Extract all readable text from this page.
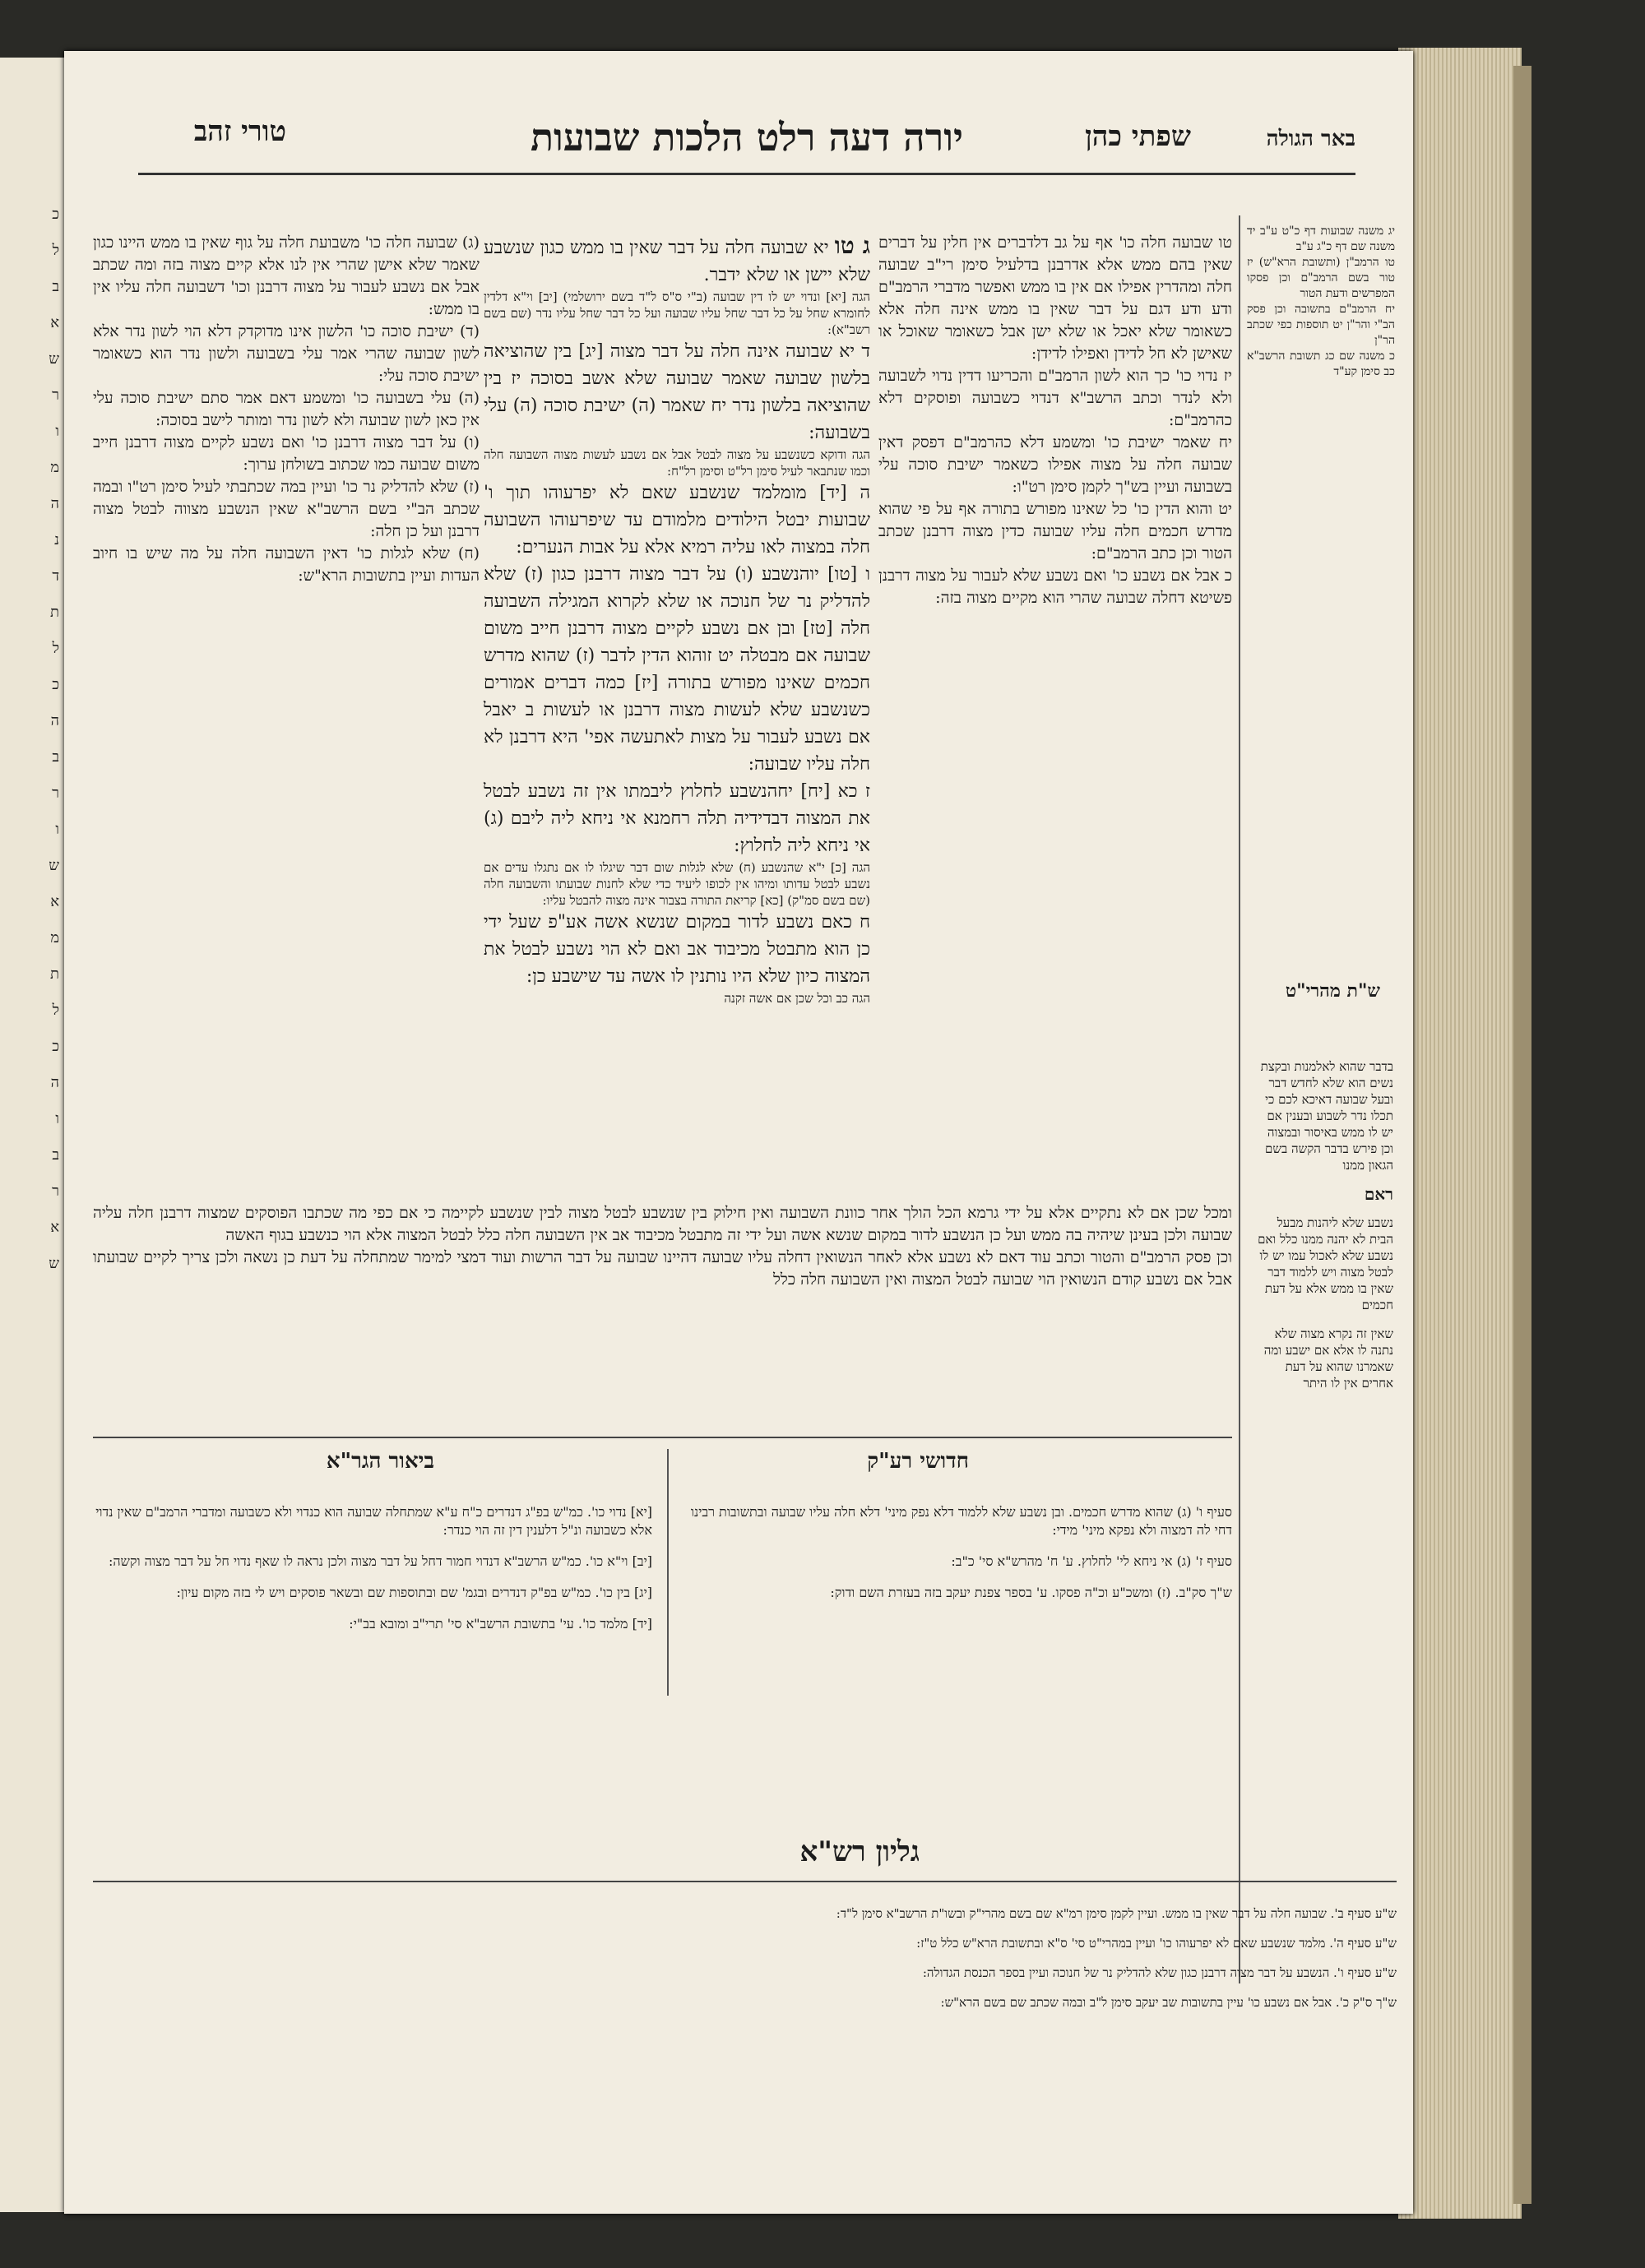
כ
ל
ב
א
ש
ר
ו
מ
ה
נ
ד
ת
ל
כ
ה
ב
ר
ו
ש
א
מ
ת
ל
כ
ה
ו
ב
ר
א
ש
באר הגולה
שפתי כהן
יורה דעה רלט הלכות שבועות
טורי זהב

יג משנה שבועות דף כ"ט ע"ב יד משנה שם דף כ"ג ע"ב

טו הרמב"ן (ותשובת הרא"ש) יז טור בשם הרמב"ם וכן פסקו המפרשים ודעת הטור

יח הרמב"ם בתשובה וכן פסק הב"י והר"ן יט תוספות כפי שכתב הר"ן

כ משנה שם כג תשובת הרשב"א כב סימן קע"ד

ש"ת מהרי"ט

בדבר שהוא לאלמנות ובקצת נשים הוא שלא לחדש דבר ובעל שבועה דאיכא לכם כי תכלו נדר לשבוע ובענין אם יש לו ממש באיסור ובמצוה וכן פירש בדבר הקשה בשם הגאון ממנו

ראם

נשבע שלא ליהנות מבעל הבית לא יהנה ממנו כלל ואם נשבע שלא לאכול עמו יש לו לבטל מצוה ויש ללמוד דבר שאין בו ממש אלא על דעת חכמים

שאין זה נקרא מצוה שלא נתנה לו אלא אם ישבע ומה שאמרנו שהוא על דעת אחרים אין לו היתר

טו שבועה חלה כו' אף על גב דלדברים אין חלין על דברים שאין בהם ממש אלא אדרבנן בדלעיל סימן רי"ב שבועה חלה ומהדרין אפילו אם אין בו ממש ואפשר מדברי הרמב"ם ודע ודע דגם על דבר שאין בו ממש אינה חלה אלא כשאומר שלא יאכל או שלא ישן אבל כשאומר שאוכל או שאישן לא חל לדידן ואפילו לדידן:

יז נדוי כו' כך הוא לשון הרמב"ם והכריעו דדין נדוי לשבועה ולא לנדר וכתב הרשב"א דנדוי כשבועה ופוסקים דלא כהרמב"ם:

יח שאמר ישיבת כו' ומשמע דלא כהרמב"ם דפסק דאין שבועה חלה על מצוה אפילו כשאמר ישיבת סוכה עלי בשבועה ועיין בש"ך לקמן סימן רט"ו:

יט והוא הדין כו' כל שאינו מפורש בתורה אף על פי שהוא מדרש חכמים חלה עליו שבועה כדין מצוה דרבנן שכתב הטור וכן כתב הרמב"ם:

כ אבל אם נשבע כו' ואם נשבע שלא לעבור על מצוה דרבנן פשיטא דחלה שבועה שהרי הוא מקיים מצוה בזה:

ג טו יא שבועה חלה על דבר שאין בו ממש כגון שנשבע שלא יישן או שלא ידבר.

הגה [יא] ונדוי יש לו דין שבועה (ב"י ס"ס ל"ד בשם ירושלמי) [יב] וי"א דלדין לחומרא שחל על כל דבר שחל עליו שבועה ועל כל דבר שחל עליו נדר (שם בשם רשב"א):

ד יא שבועה אינה חלה על דבר מצוה [יג] בין שהוציאה בלשון שבועה שאמר שבועה שלא אשב בסוכה יז בין שהוציאה בלשון נדר יח שאמר (ה) ישיבת סוכה (ה) עלי בשבועה:

הגה ודוקא כשנשבע על מצוה לבטל אבל אם נשבע לעשות מצוה השבועה חלה וכמו שנתבאר לעיל סימן רל"ט וסימן רל"ח:

ה [יד] מומלמד שנשבע שאם לא יפרעוהו תוך ו' שבועות יבטל הילודים מלמודם עד שיפרעוהו השבועה חלה במצוה לאו עליה רמיא אלא על אבות הנערים:

ו [טו] יוהנשבע (ו) על דבר מצוה דרבנן כגון (ז) שלא להדליק נר של חנוכה או שלא לקרוא המגילה השבועה חלה [טז] ובן אם נשבע לקיים מצוה דרבנן חייב משום שבועה אם מבטלה יט זוהוא הדין לדבר (ז) שהוא מדרש חכמים שאינו מפורש בתורה [יז] כמה דברים אמורים כשנשבע שלא לעשות מצוה דרבנן או לעשות ב יאבל אם נשבע לעבור על מצות לאתעשה אפי' היא דרבנן לא חלה עליו שבועה:

ז כא [יח] יחהנשבע לחלוץ ליבמתו אין זה נשבע לבטל את המצוה דבדידיה תלה רחמנא אי ניחא ליה ליבם (ג) אי ניחא ליה לחלוץ:

הגה [כ] י"א שהנשבע (ח) שלא לגלות שום דבר שיגלו לו אם נתגלו עדים אם נשבע לבטל עדותו ומיהו אין לכופו ליעיד כדי שלא לחנות שבועתו והשבועה חלה (שם בשם סמ"ק) [כא] קריאת התורה בצבור אינה מצוה להבטל עליו:

ח כאם נשבע לדור במקום שנשא אשה אע"פ שעל ידי כן הוא מתבטל מכיבוד אב ואם לא הוי נשבע לבטל את המצוה כיון שלא היו נותנין לו אשה עד שישבע כן:

הגה כב וכל שכן אם אשה זקנה

(ג) שבועה חלה כו' משבועת חלה על גוף שאין בו ממש היינו כגון שאמר שלא אישן שהרי אין לנו אלא קיים מצוה בזה ומה שכתב אבל אם נשבע לעבור על מצוה דרבנן וכו' דשבועה חלה עליו אין בו ממש:

(ד) ישיבת סוכה כו' הלשון אינו מדוקדק דלא הוי לשון נדר אלא לשון שבועה שהרי אמר עלי בשבועה ולשון נדר הוא כשאומר ישיבת סוכה עלי:

(ה) עלי בשבועה כו' ומשמע דאם אמר סתם ישיבת סוכה עלי אין כאן לשון שבועה ולא לשון נדר ומותר לישב בסוכה:

(ו) על דבר מצוה דרבנן כו' ואם נשבע לקיים מצוה דרבנן חייב משום שבועה כמו שכתוב בשולחן ערוך:

(ז) שלא להדליק נר כו' ועיין במה שכתבתי לעיל סימן רט"ו ובמה שכתב הב"י בשם הרשב"א שאין הנשבע מצווה לבטל מצוה דרבנן ועל כן חלה:

(ח) שלא לגלות כו' דאין השבועה חלה על מה שיש בו חיוב העדות ועיין בתשובות הרא"ש:

ומכל שכן אם לא נתקיים אלא על ידי גרמא הכל הולך אחר כוונת השבועה ואין חילוק בין שנשבע לבטל מצוה לבין שנשבע לקיימה כי אם כפי מה שכתבו הפוסקים שמצוה דרבנן חלה עליה שבועה ולכן בעינן שיהיה בה ממש ועל כן הנשבע לדור במקום שנשא אשה ועל ידי זה מתבטל מכיבוד אב אין השבועה חלה כלל לבטל המצוה אלא הוי כנשבע בגוף האשה

וכן פסק הרמב"ם והטור וכתב עוד דאם לא נשבע אלא לאחר הנשואין דחלה עליו שבועה דהיינו שבועה על דבר הרשות ועוד דמצי למימר שמתחלה על דעת כן נשאה ולכן צריך לקיים שבועתו אבל אם נשבע קודם הנשואין הוי שבועה לבטל המצוה ואין השבועה חלה כלל

חדושי רע"ק
ביאור הגר"א

סעיף ו' (ג) שהוא מדרש חכמים. ובן נשבע שלא ללמוד דלא נפק מיני' דלא חלה עליו שבועה ובתשובות רבינו דחי לה דמצוה ולא נפקא מיני' מידי:

סעיף ז' (ג) אי ניחא לי' לחלוץ. ע' ח' מהרש"א סי' כ"ב:

ש"ך סק"ב. (ז) ומשכ"ע וכ"ה פסקו. ע' בספר צפנת יעקב בזה בעזרת השם ודוק:

[יא] נדוי כו'. כמ"ש בפ"ג דנדרים כ"ח ע"א שמתחלה שבועה הוא כנדוי ולא כשבועה ומדברי הרמב"ם שאין נדוי אלא כשבועה ונ"ל דלענין דין זה הוי כנדר:

[יב] וי"א כו'. כמ"ש הרשב"א דנדוי חמור דחל על דבר מצוה ולכן נראה לו שאף נדוי חל על דבר מצוה וקשה:

[יג] בין כו'. כמ"ש בפ"ק דנדרים ובגמ' שם ובתוספות שם ובשאר פוסקים ויש לי בזה מקום עיון:

[יד] מלמד כו'. עי' בתשובת הרשב"א סי' תרי"ב ומובא בב"י:

גליון רש"א

ש"ע סעיף ב'. שבועה חלה על דבר שאין בו ממש. ועיין לקמן סימן רמ"א שם בשם מהרי"ק ובשו"ת הרשב"א סימן ל"ד:

ש"ע סעיף ה'. מלמד שנשבע שאם לא יפרעוהו כו' ועיין במהרי"ט סי' ס"א ובתשובת הרא"ש כלל ט"ז:

ש"ע סעיף ו'. הנשבע על דבר מצוה דרבנן כגון שלא להדליק נר של חנוכה ועיין בספר הכנסת הגדולה:

ש"ך ס"ק כ'. אבל אם נשבע כו' עיין בתשובות שב יעקב סימן ל"ב ובמה שכתב שם בשם הרא"ש:
